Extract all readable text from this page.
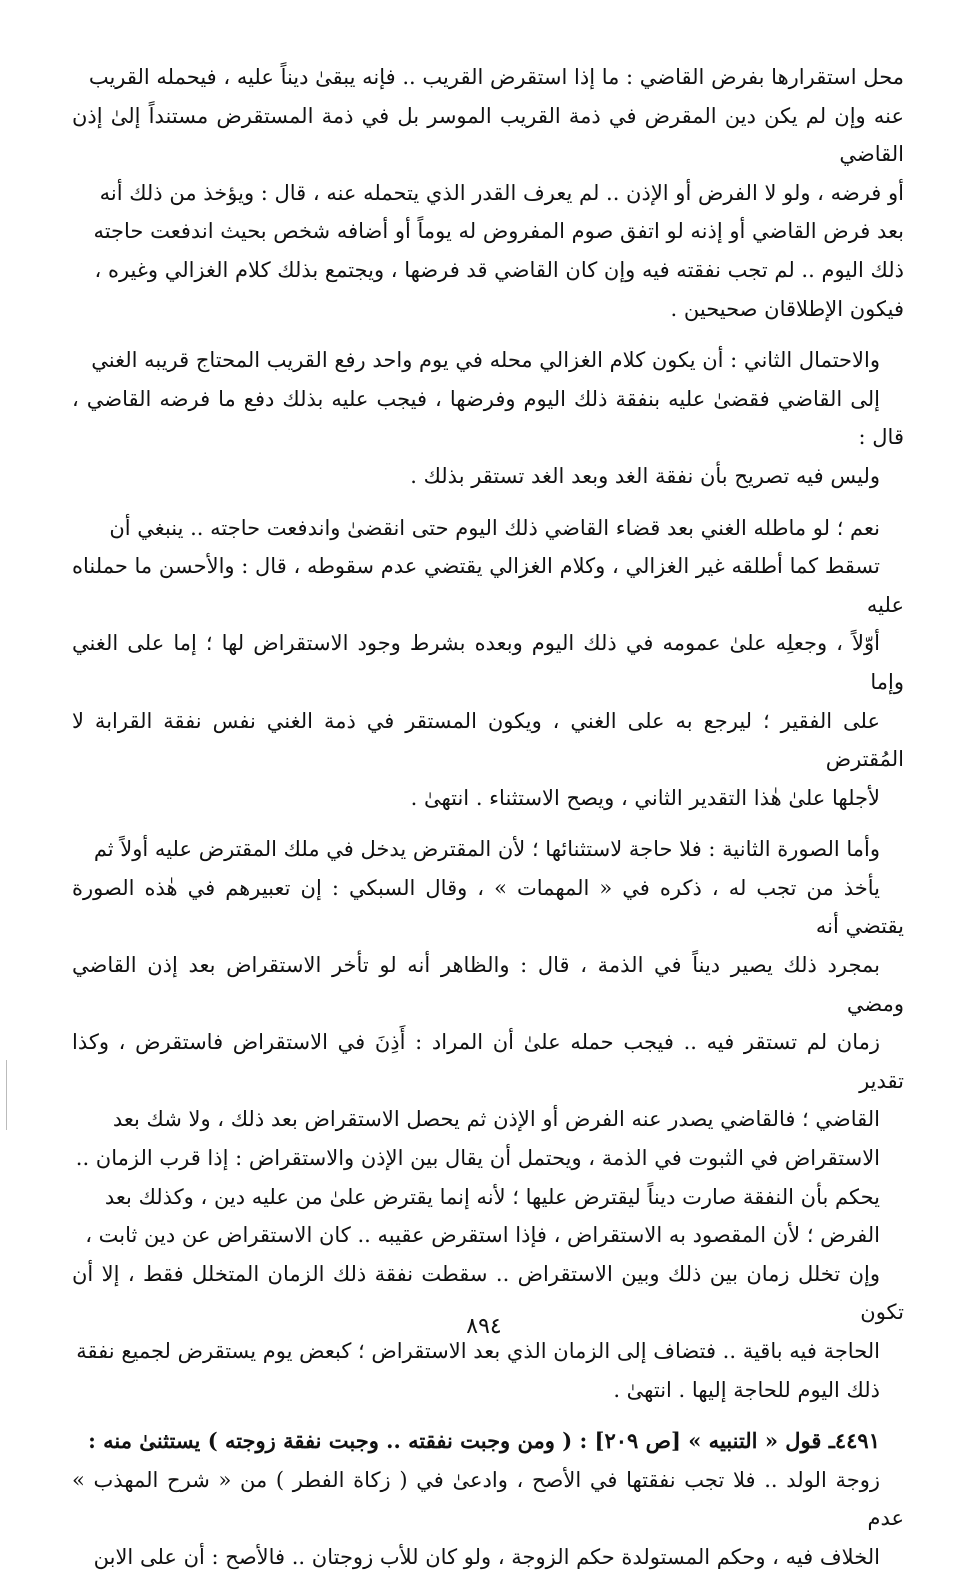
محل استقرارها بفرض القاضي : ما إذا استقرض القريب .. فإنه يبقىٰ ديناً عليه ، فيحمله القريب
عنه وإن لم يكن دين المقرض في ذمة القريب الموسر بل في ذمة المستقرض مستنداً إلىٰ إذن القاضي
أو فرضه ، ولو لا الفرض أو الإذن .. لم يعرف القدر الذي يتحمله عنه ، قال : ويؤخذ من ذلك أنه
بعد فرض القاضي أو إذنه لو اتفق صوم المفروض له يوماً أو أضافه شخص بحيث اندفعت حاجته
ذلك اليوم .. لم تجب نفقته فيه وإن كان القاضي قد فرضها ، ويجتمع بذلك كلام الغزالي وغيره ،
فيكون الإطلاقان صحيحين .

والاحتمال الثاني : أن يكون كلام الغزالي محله في يوم واحد رفع القريب المحتاج قريبه الغني
إلى القاضي فقضىٰ عليه بنفقة ذلك اليوم وفرضها ، فيجب عليه بذلك دفع ما فرضه القاضي ، قال :
وليس فيه تصريح بأن نفقة الغد وبعد الغد تستقر بذلك .

نعم ؛ لو ماطله الغني بعد قضاء القاضي ذلك اليوم حتى انقضىٰ واندفعت حاجته .. ينبغي أن
تسقط كما أطلقه غير الغزالي ، وكلام الغزالي يقتضي عدم سقوطه ، قال : والأحسن ما حملناه عليه
أوّلاً ، وجعلِه علىٰ عمومه في ذلك اليوم وبعده بشرط وجود الاستقراض لها ؛ إما على الغني وإما
على الفقير ؛ ليرجع به على الغني ، ويكون المستقر في ذمة الغني نفس نفقة القرابة لا المُقترض
لأجلها علىٰ هٰذا التقدير الثاني ، ويصح الاستثناء . انتهىٰ .

وأما الصورة الثانية : فلا حاجة لاستثنائها ؛ لأن المقترض يدخل في ملك المقترض عليه أولاً ثم
يأخذ من تجب له ، ذكره في « المهمات » ، وقال السبكي : إن تعبيرهم في هٰذه الصورة يقتضي أنه
بمجرد ذلك يصير ديناً في الذمة ، قال : والظاهر أنه لو تأخر الاستقراض بعد إذن القاضي ومضي
زمان لم تستقر فيه .. فيجب حمله علىٰ أن المراد : أَذِنَ في الاستقراض فاستقرض ، وكذا تقدير
القاضي ؛ فالقاضي يصدر عنه الفرض أو الإذن ثم يحصل الاستقراض بعد ذلك ، ولا شك بعد
الاستقراض في الثبوت في الذمة ، ويحتمل أن يقال بين الإذن والاستقراض : إذا قرب الزمان ..
يحكم بأن النفقة صارت ديناً ليقترض عليها ؛ لأنه إنما يقترض علىٰ من عليه دين ، وكذلك بعد
الفرض ؛ لأن المقصود به الاستقراض ، فإذا استقرض عقيبه .. كان الاستقراض عن دين ثابت ،
وإن تخلل زمان بين ذلك وبين الاستقراض .. سقطت نفقة ذلك الزمان المتخلل فقط ، إلا أن تكون
الحاجة فيه باقية .. فتضاف إلى الزمان الذي بعد الاستقراض ؛ كبعض يوم يستقرض لجميع نفقة
ذلك اليوم للحاجة إليها . انتهىٰ .

٤٤٩١ـ قول « التنبيه » [ص ٢٠٩] : ( ومن وجبت نفقته .. وجبت نفقة زوجته ) يستثنىٰ منه :
زوجة الولد .. فلا تجب نفقتها في الأصح ، وادعىٰ في ( زكاة الفطر ) من « شرح المهذب » عدم
الخلاف فيه ، وحكم المستولدة حكم الزوجة ، ولو كان للأب زوجتان .. فالأصح : أن على الابن

٨٩٤
